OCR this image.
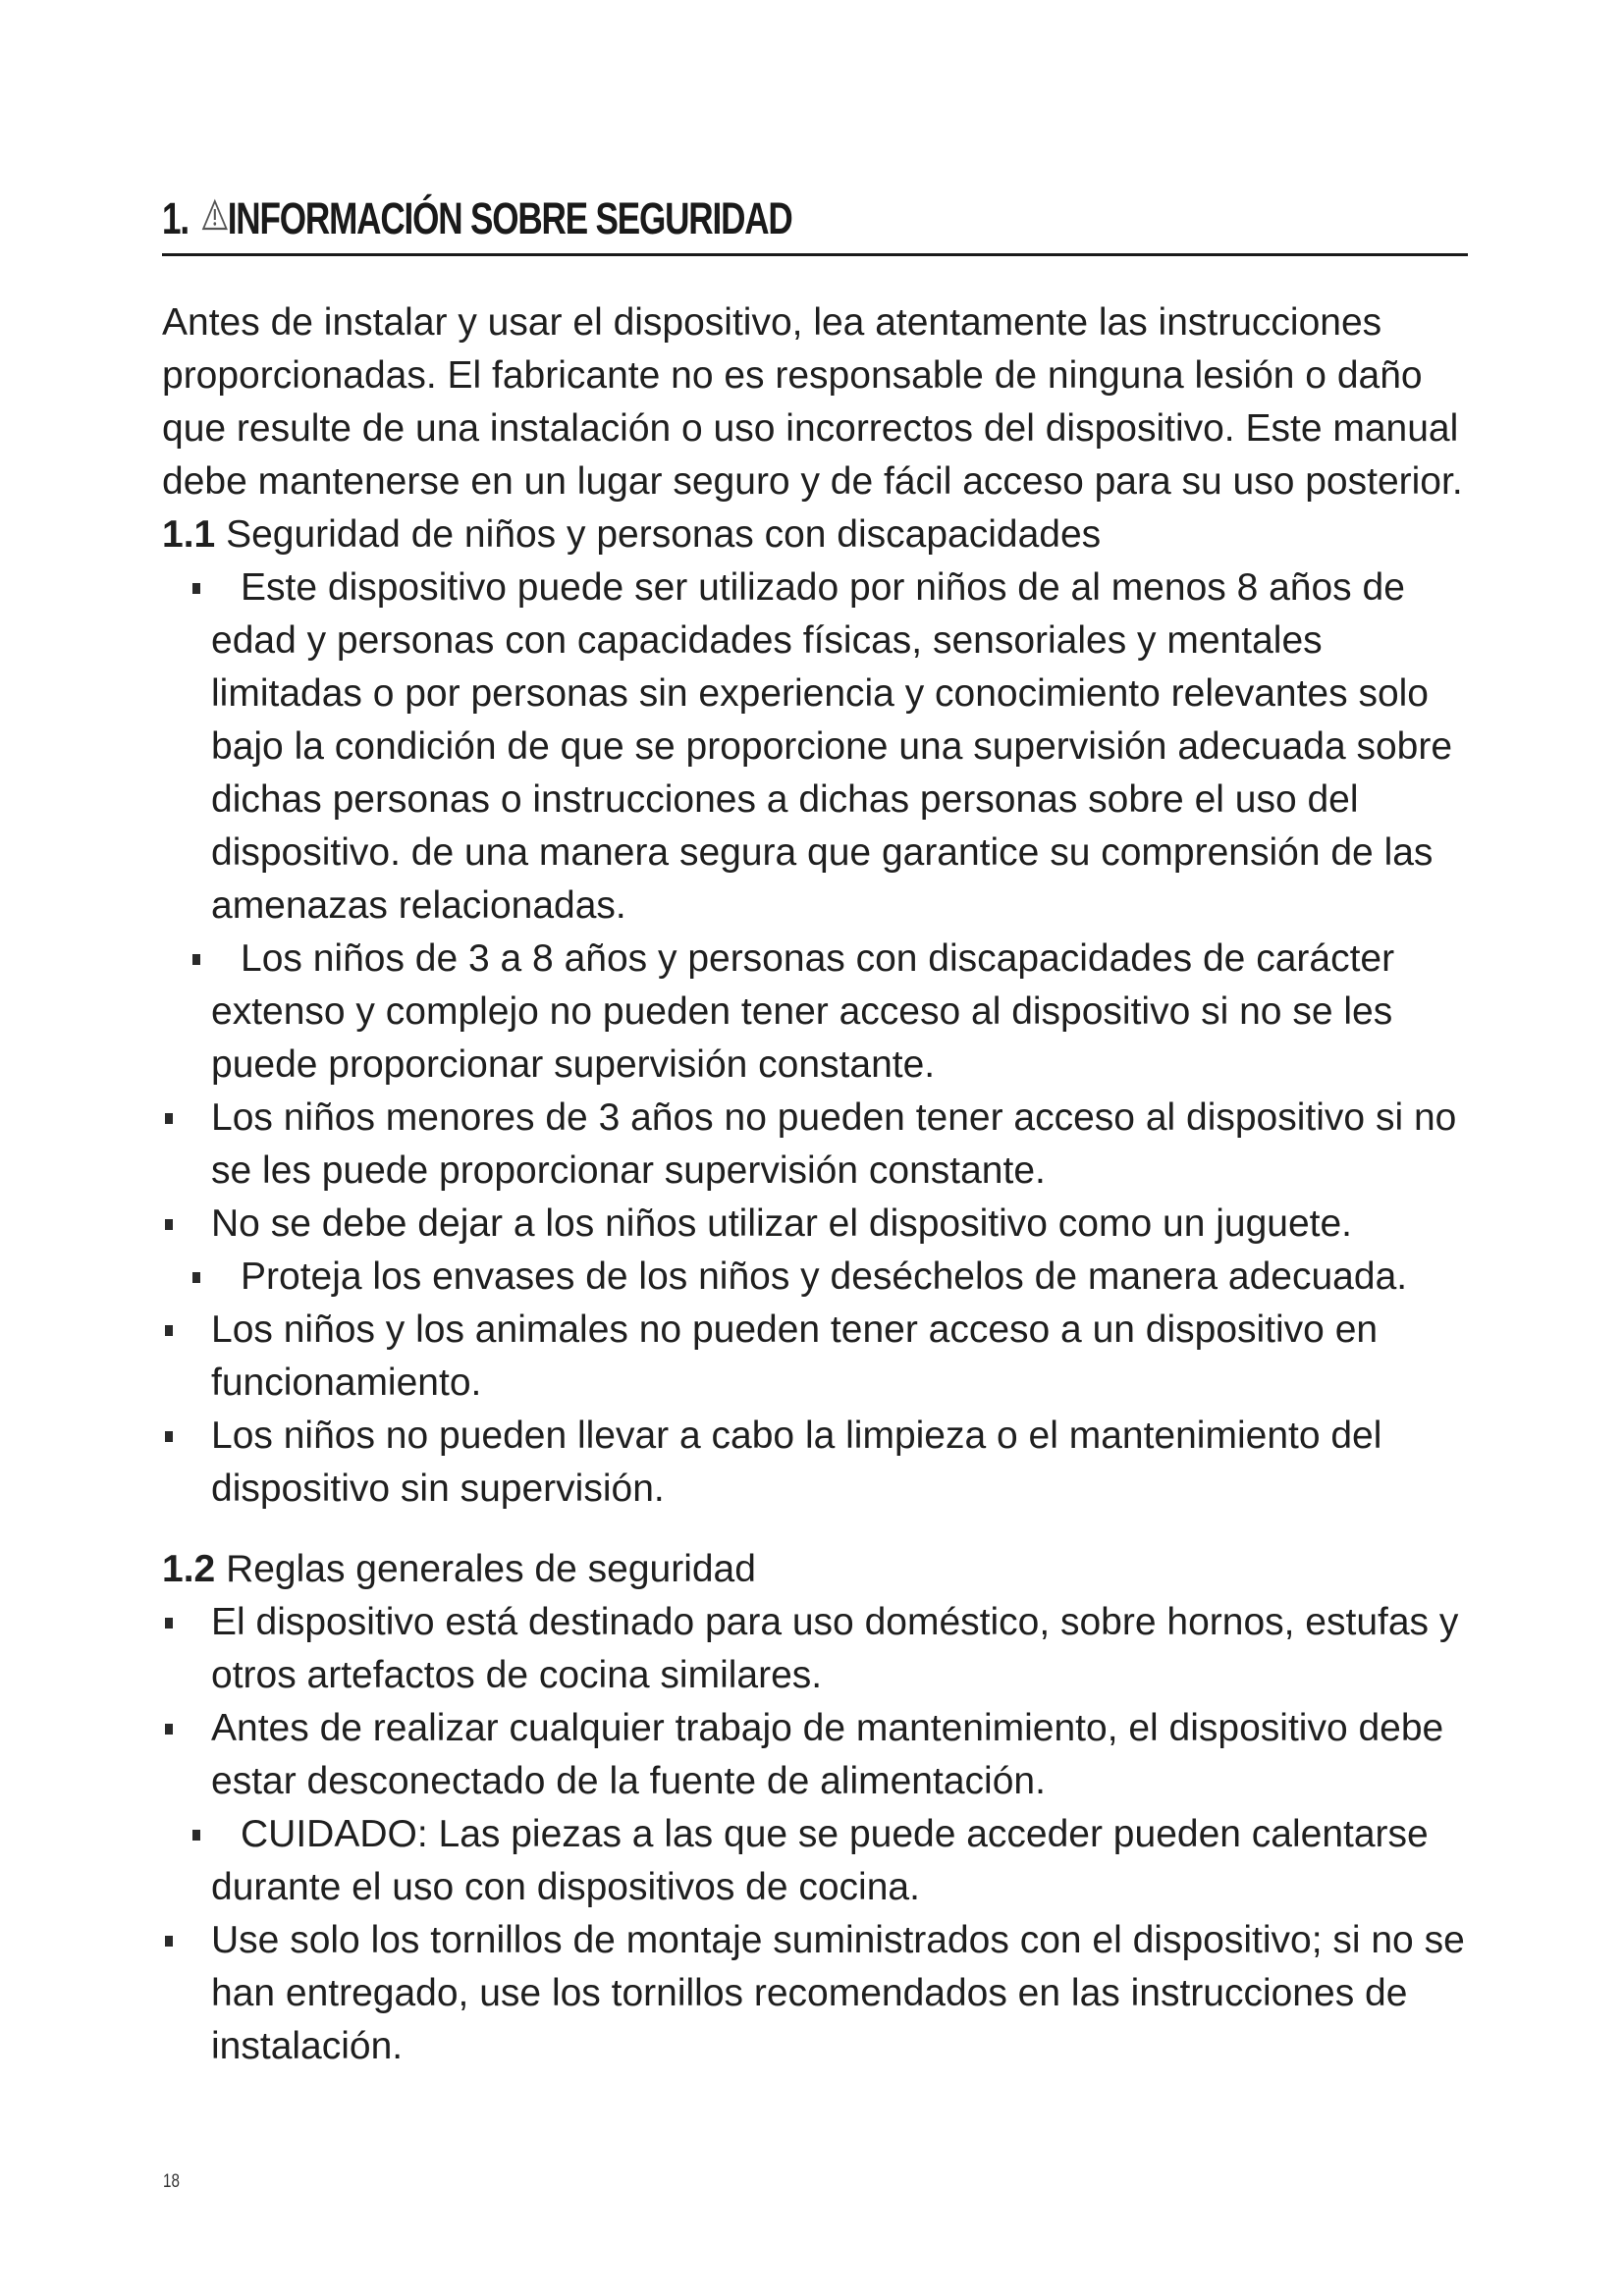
1. INFORMACIÓN SOBRE SEGURIDAD

Antes de instalar y usar el dispositivo, lea atentamente las instrucciones proporcionadas. El fabricante no es responsable de ninguna lesión o daño que resulte de una instalación o uso incorrectos del dispositivo. Este manual debe mantenerse en un lugar seguro y de fácil acceso para su uso posterior.

1.1 Seguridad de niños y personas con discapacidades

Este dispositivo puede ser utilizado por niños de al menos 8 años de edad y personas con capacidades físicas, sensoriales y mentales limitadas o por personas sin experiencia y conocimiento relevantes solo bajo la condición de que se proporcione una supervisión adecuada sobre dichas personas o instrucciones a dichas personas sobre el uso del dispositivo. de una manera segura que garantice su comprensión de las amenazas relacionadas.
Los niños de 3 a 8 años y personas con discapacidades de carácter extenso y complejo no pueden tener acceso al dispositivo si no se les puede proporcionar supervisión constante.
Los niños menores de 3 años no pueden tener acceso al dispositivo si no se les puede proporcionar supervisión constante.
No se debe dejar a los niños utilizar el dispositivo como un juguete.
Proteja los envases de los niños y deséchelos de manera adecuada.
Los niños y los animales no pueden tener acceso a un dispositivo en funcionamiento.
Los niños no pueden llevar a cabo la limpieza o el mantenimiento del dispositivo sin supervisión.

1.2 Reglas generales de seguridad

El dispositivo está destinado para uso doméstico, sobre hornos, estufas y otros artefactos de cocina similares.
Antes de realizar cualquier trabajo de mantenimiento, el dispositivo debe estar desconectado de la fuente de alimentación.
CUIDADO: Las piezas a las que se puede acceder pueden calentarse durante el uso con dispositivos de cocina.
Use solo los tornillos de montaje suministrados con el dispositivo; si no se han entregado, use los tornillos recomendados en las instrucciones de instalación.
18
